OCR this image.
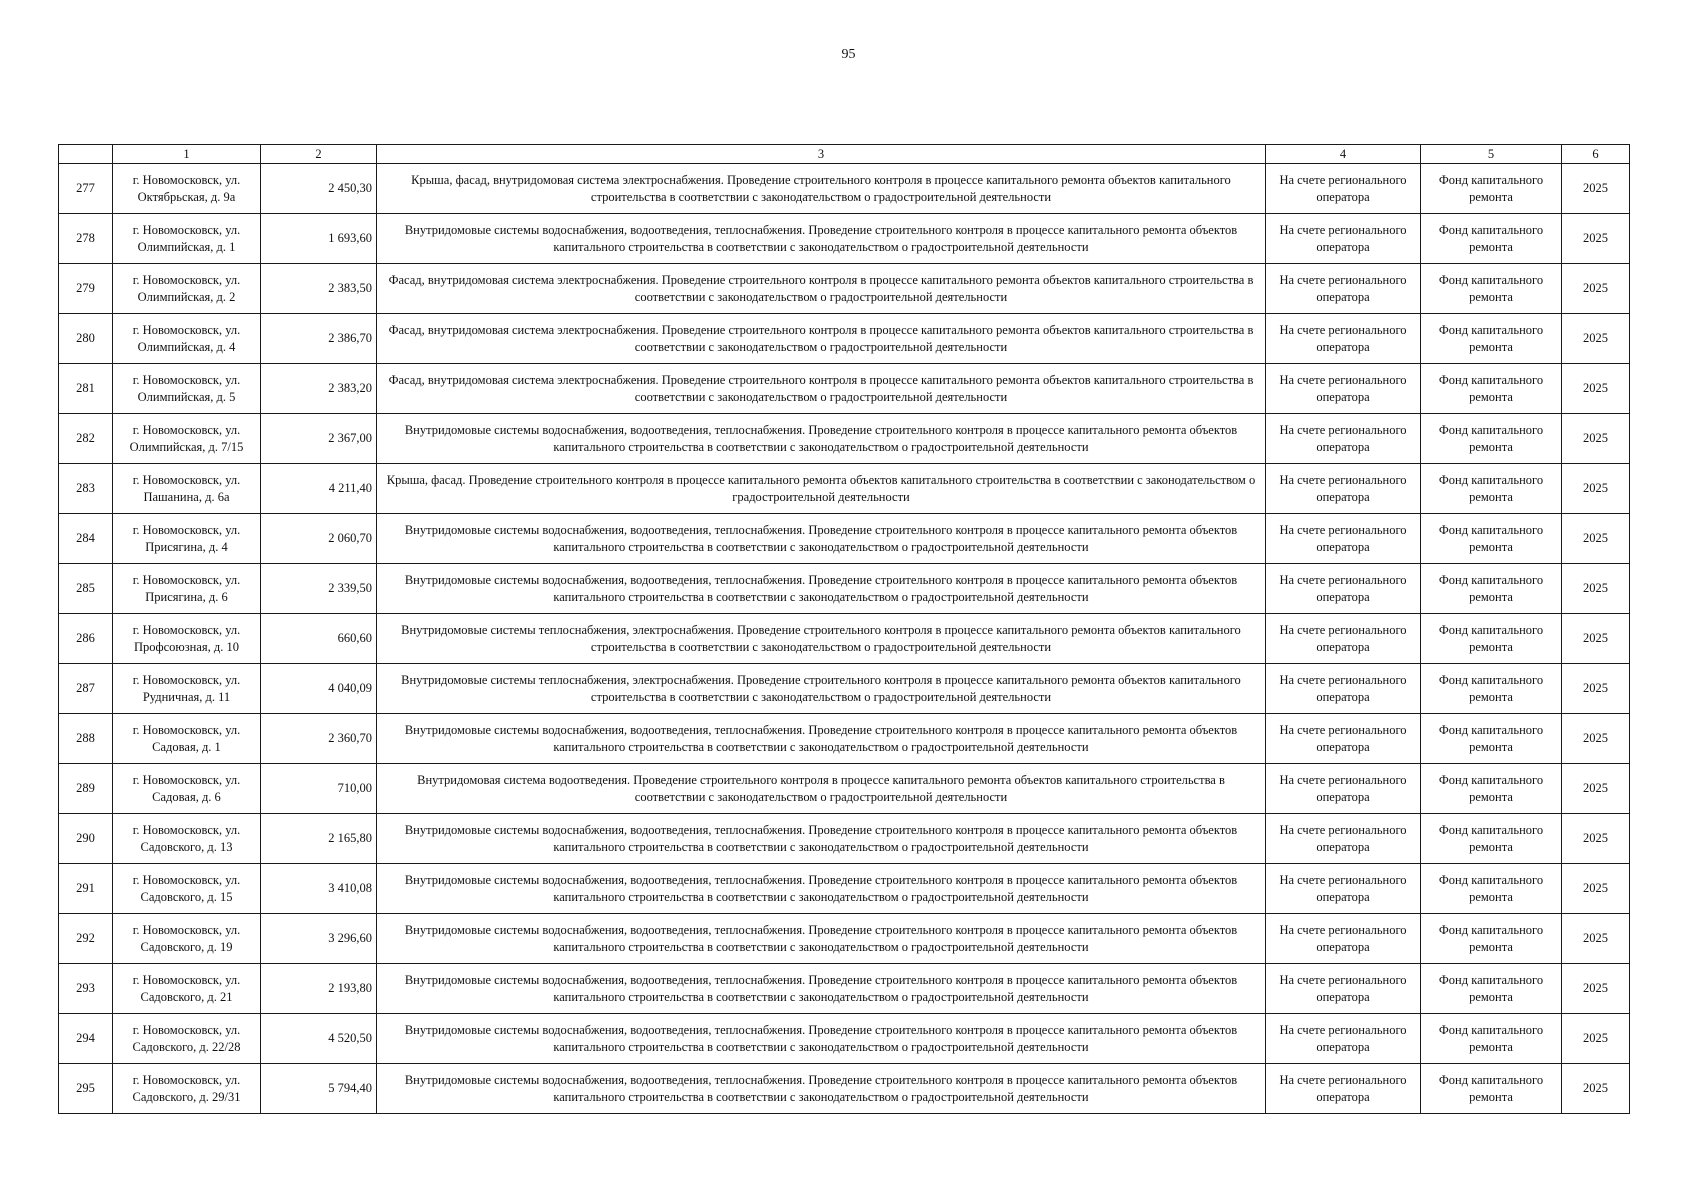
95
	1	2	3	4	5	6
277	г. Новомосковск, ул. Октябрьская, д. 9а	2 450,30	Крыша, фасад, внутридомовая система электроснабжения. Проведение строительного контроля в процессе капитального ремонта объектов капитального строительства в соответствии с законодательством о градостроительной деятельности	На счете регионального оператора	Фонд капитального ремонта	2025
278	г. Новомосковск, ул. Олимпийская, д. 1	1 693,60	Внутридомовые системы водоснабжения, водоотведения, теплоснабжения. Проведение строительного контроля в процессе капитального ремонта объектов капитального строительства в соответствии с законодательством о градостроительной деятельности	На счете регионального оператора	Фонд капитального ремонта	2025
279	г. Новомосковск, ул. Олимпийская, д. 2	2 383,50	Фасад, внутридомовая система электроснабжения. Проведение строительного контроля в процессе капитального ремонта объектов капитального строительства в соответствии с законодательством о градостроительной деятельности	На счете регионального оператора	Фонд капитального ремонта	2025
280	г. Новомосковск, ул. Олимпийская, д. 4	2 386,70	Фасад, внутридомовая система электроснабжения. Проведение строительного контроля в процессе капитального ремонта объектов капитального строительства в соответствии с законодательством о градостроительной деятельности	На счете регионального оператора	Фонд капитального ремонта	2025
281	г. Новомосковск, ул. Олимпийская, д. 5	2 383,20	Фасад, внутридомовая система электроснабжения. Проведение строительного контроля в процессе капитального ремонта объектов капитального строительства в соответствии с законодательством о градостроительной деятельности	На счете регионального оператора	Фонд капитального ремонта	2025
282	г. Новомосковск, ул. Олимпийская, д. 7/15	2 367,00	Внутридомовые системы водоснабжения, водоотведения, теплоснабжения. Проведение строительного контроля в процессе капитального ремонта объектов капитального строительства в соответствии с законодательством о градостроительной деятельности	На счете регионального оператора	Фонд капитального ремонта	2025
283	г. Новомосковск, ул. Пашанина, д. 6а	4 211,40	Крыша, фасад. Проведение строительного контроля в процессе капитального ремонта объектов капитального строительства в соответствии с законодательством о градостроительной деятельности	На счете регионального оператора	Фонд капитального ремонта	2025
284	г. Новомосковск, ул. Присягина, д. 4	2 060,70	Внутридомовые системы водоснабжения, водоотведения, теплоснабжения. Проведение строительного контроля в процессе капитального ремонта объектов капитального строительства в соответствии с законодательством о градостроительной деятельности	На счете регионального оператора	Фонд капитального ремонта	2025
285	г. Новомосковск, ул. Присягина, д. 6	2 339,50	Внутридомовые системы водоснабжения, водоотведения, теплоснабжения. Проведение строительного контроля в процессе капитального ремонта объектов капитального строительства в соответствии с законодательством о градостроительной деятельности	На счете регионального оператора	Фонд капитального ремонта	2025
286	г. Новомосковск, ул. Профсоюзная, д. 10	660,60	Внутридомовые системы теплоснабжения, электроснабжения. Проведение строительного контроля в процессе капитального ремонта объектов капитального строительства в соответствии с законодательством о градостроительной деятельности	На счете регионального оператора	Фонд капитального ремонта	2025
287	г. Новомосковск, ул. Рудничная, д. 11	4 040,09	Внутридомовые системы теплоснабжения, электроснабжения. Проведение строительного контроля в процессе капитального ремонта объектов капитального строительства в соответствии с законодательством о градостроительной деятельности	На счете регионального оператора	Фонд капитального ремонта	2025
288	г. Новомосковск, ул. Садовая, д. 1	2 360,70	Внутридомовые системы водоснабжения, водоотведения, теплоснабжения. Проведение строительного контроля в процессе капитального ремонта объектов капитального строительства в соответствии с законодательством о градостроительной деятельности	На счете регионального оператора	Фонд капитального ремонта	2025
289	г. Новомосковск, ул. Садовая, д. 6	710,00	Внутридомовая система водоотведения. Проведение строительного контроля в процессе капитального ремонта объектов капитального строительства в соответствии с законодательством о градостроительной деятельности	На счете регионального оператора	Фонд капитального ремонта	2025
290	г. Новомосковск, ул. Садовского, д. 13	2 165,80	Внутридомовые системы водоснабжения, водоотведения, теплоснабжения. Проведение строительного контроля в процессе капитального ремонта объектов капитального строительства в соответствии с законодательством о градостроительной деятельности	На счете регионального оператора	Фонд капитального ремонта	2025
291	г. Новомосковск, ул. Садовского, д. 15	3 410,08	Внутридомовые системы водоснабжения, водоотведения, теплоснабжения. Проведение строительного контроля в процессе капитального ремонта объектов капитального строительства в соответствии с законодательством о градостроительной деятельности	На счете регионального оператора	Фонд капитального ремонта	2025
292	г. Новомосковск, ул. Садовского, д. 19	3 296,60	Внутридомовые системы водоснабжения, водоотведения, теплоснабжения. Проведение строительного контроля в процессе капитального ремонта объектов капитального строительства в соответствии с законодательством о градостроительной деятельности	На счете регионального оператора	Фонд капитального ремонта	2025
293	г. Новомосковск, ул. Садовского, д. 21	2 193,80	Внутридомовые системы водоснабжения, водоотведения, теплоснабжения. Проведение строительного контроля в процессе капитального ремонта объектов капитального строительства в соответствии с законодательством о градостроительной деятельности	На счете регионального оператора	Фонд капитального ремонта	2025
294	г. Новомосковск, ул. Садовского, д. 22/28	4 520,50	Внутридомовые системы водоснабжения, водоотведения, теплоснабжения. Проведение строительного контроля в процессе капитального ремонта объектов капитального строительства в соответствии с законодательством о градостроительной деятельности	На счете регионального оператора	Фонд капитального ремонта	2025
295	г. Новомосковск, ул. Садовского, д. 29/31	5 794,40	Внутридомовые системы водоснабжения, водоотведения, теплоснабжения. Проведение строительного контроля в процессе капитального ремонта объектов капитального строительства в соответствии с законодательством о градостроительной деятельности	На счете регионального оператора	Фонд капитального ремонта	2025
